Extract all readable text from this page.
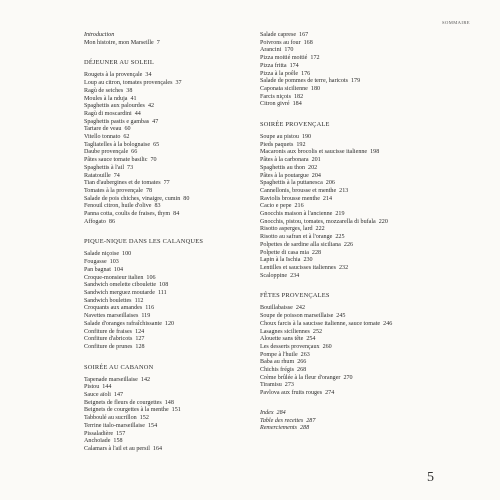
SOMMAIRE
Introduction
Mon histoire, mon Marseille 7
DÉJEUNER AU SOLEIL
Rougets à la provençale 34
Loup au citron, tomates provençales 37
Ragù de seiches 38
Moules à la nduja 41
Spaghettis aux palourdes 42
Ragù di moscardini 44
Spaghettis pastis e gambas 47
Tartare de veau 60
Vitello tonnato 62
Tagliatelles à la bolognaise 65
Daube provençale 66
Pâtes sauce tomate basilic 70
Spaghettis à l'ail 73
Ratatouille 74
Tian d'aubergines et de tomates 77
Tomates à la provençale 78
Salade de pois chiches, vinaigre, cumin 80
Fenouil citron, huile d'olive 83
Panna cotta, coulis de fraises, thym 84
Affogato 86
PIQUE-NIQUE DANS LES CALANQUES
Salade niçoise 100
Fougasse 103
Pan bagnat 104
Croque-monsieur italien 106
Sandwich omelette ciboulette 108
Sandwich merguez moutarde 111
Sandwich boulettes 112
Croquants aux amandes 116
Navettes marseillaises 119
Salade d'oranges rafraîchissante 120
Confiture de fraises 124
Confiture d'abricots 127
Confiture de prunes 128
SOIRÉE AU CABANON
Tapenade marseillaise 142
Pistou 144
Sauce aïoli 147
Beignets de fleurs de courgettes 148
Beignets de courgettes à la menthe 151
Tabboulé au sucrillon 152
Terrine italo-marseillaise 154
Pissaladière 157
Anchoïade 158
Calamars à l'ail et au persil 164
Salade caprese 167
Poivrons au four 168
Arancini 170
Pizza moitié moitié 172
Pizza fritta 174
Pizza à la poêle 176
Salade de pommes de terre, haricots 179
Caponata sicilienne 180
Farcis niçois 182
Citron givré 184
SOIRÉE PROVENÇALE
Soupe au pistou 190
Pieds paquets 192
Macaronis aux brocolis et saucisse italienne 198
Pâtes à la carbonara 201
Spaghettis au thon 202
Pâtes à la poutargue 204
Spaghettis à la puttanesca 206
Cannellonis, brousse et menthe 213
Raviolis brousse menthe 214
Cacio e pepe 216
Gnocchis maison à l'ancienne 219
Gnocchis, pistou, tomates, mozzarella di bufala 220
Risotto asperges, lard 222
Risotto au safran et à l'orange 225
Polpettes de sardine alla siciliana 226
Polpette di casa mia 228
Lapin à la Ischia 230
Lentilles et saucisses italiennes 232
Scaloppine 234
FÊTES PROVENÇALES
Bouillabaisse 242
Soupe de poisson marseillaise 245
Choux farcis à la saucisse italienne, sauce tomate 246
Lasagnes siciliennes 252
Alouette sans tête 254
Les desserts provençaux 260
Pompe à l'huile 263
Baba au rhum 266
Chichis frégis 268
Crème brûlée à la fleur d'oranger 270
Tiramisu 273
Pavlova aux fruits rouges 274
Index 284
Table des recettes 287
Remerciements 288
5
